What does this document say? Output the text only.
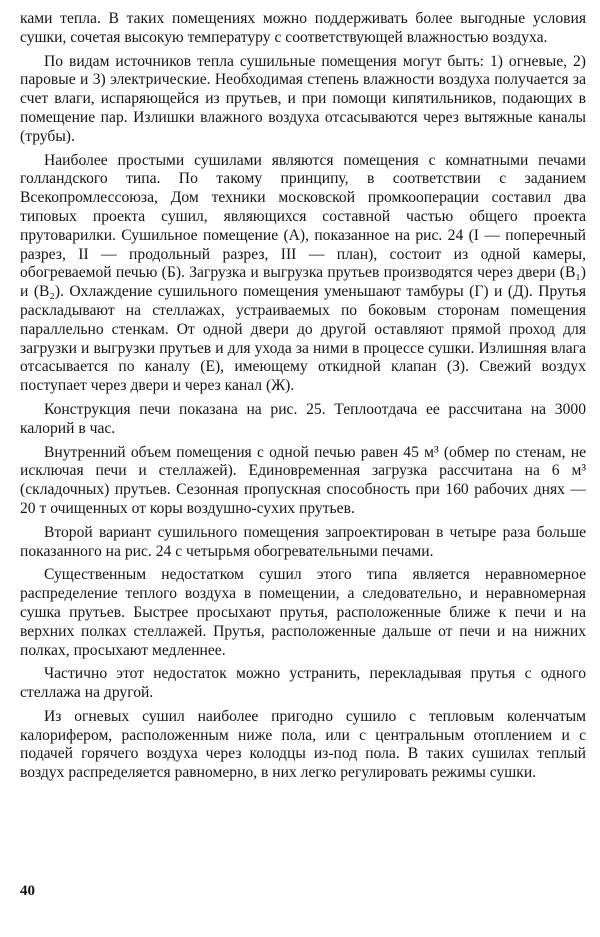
ками тепла. В таких помещениях можно поддерживать более выгодные условия сушки, сочетая высокую температуру с соответствующей влажностью воздуха.

По видам источников тепла сушильные помещения могут быть: 1) огневые, 2) паровые и 3) электрические. Необходимая степень влажности воздуха получается за счет влаги, испаряющейся из прутьев, и при помощи кипятильников, подающих в помещение пар. Излишки влажного воздуха отсасываются через вытяжные каналы (трубы).

Наиболее простыми сушилами являются помещения с комнатными печами голландского типа. По такому принципу, в соответствии с заданием Всекопромлессоюза, Дом техники московской промкооперации составил два типовых проекта сушил, являющихся составной частью общего проекта прутоварилки. Сушильное помещение (А), показанное на рис. 24 (I — поперечный разрез, II — продольный разрез, III — план), состоит из одной камеры, обогреваемой печью (Б). Загрузка и выгрузка прутьев производятся через двери (В₁) и (В₂). Охлаждение сушильного помещения уменьшают тамбуры (Г) и (Д). Прутья раскладывают на стеллажах, устраиваемых по боковым сторонам помещения параллельно стенкам. От одной двери до другой оставляют прямой проход для загрузки и выгрузки прутьев и для ухода за ними в процессе сушки. Излишняя влага отсасывается по каналу (Е), имеющему откидной клапан (З). Свежий воздух поступает через двери и через канал (Ж).

Конструкция печи показана на рис. 25. Теплоотдача ее рассчитана на 3000 калорий в час.

Внутренний объем помещения с одной печью равен 45 м³ (обмер по стенам, не исключая печи и стеллажей). Единовременная загрузка рассчитана на 6 м³ (складочных) прутьев. Сезонная пропускная способность при 160 рабочих днях — 20 т очищенных от коры воздушно-сухих прутьев.

Второй вариант сушильного помещения запроектирован в четыре раза больше показанного на рис. 24 с четырьмя обогревательными печами.

Существенным недостатком сушил этого типа является неравномерное распределение теплого воздуха в помещении, а следовательно, и неравномерная сушка прутьев. Быстрее просыхают прутья, расположенные ближе к печи и на верхних полках стеллажей. Прутья, расположенные дальше от печи и на нижних полках, просыхают медленнее.

Частично этот недостаток можно устранить, перекладывая прутья с одного стеллажа на другой.

Из огневых сушил наиболее пригодно сушило с тепловым коленчатым калорифером, расположенным ниже пола, или с центральным отоплением и с подачей горячего воздуха через колодцы из-под пола. В таких сушилах теплый воздух распределяется равномерно, в них легко регулировать режимы сушки.

40
